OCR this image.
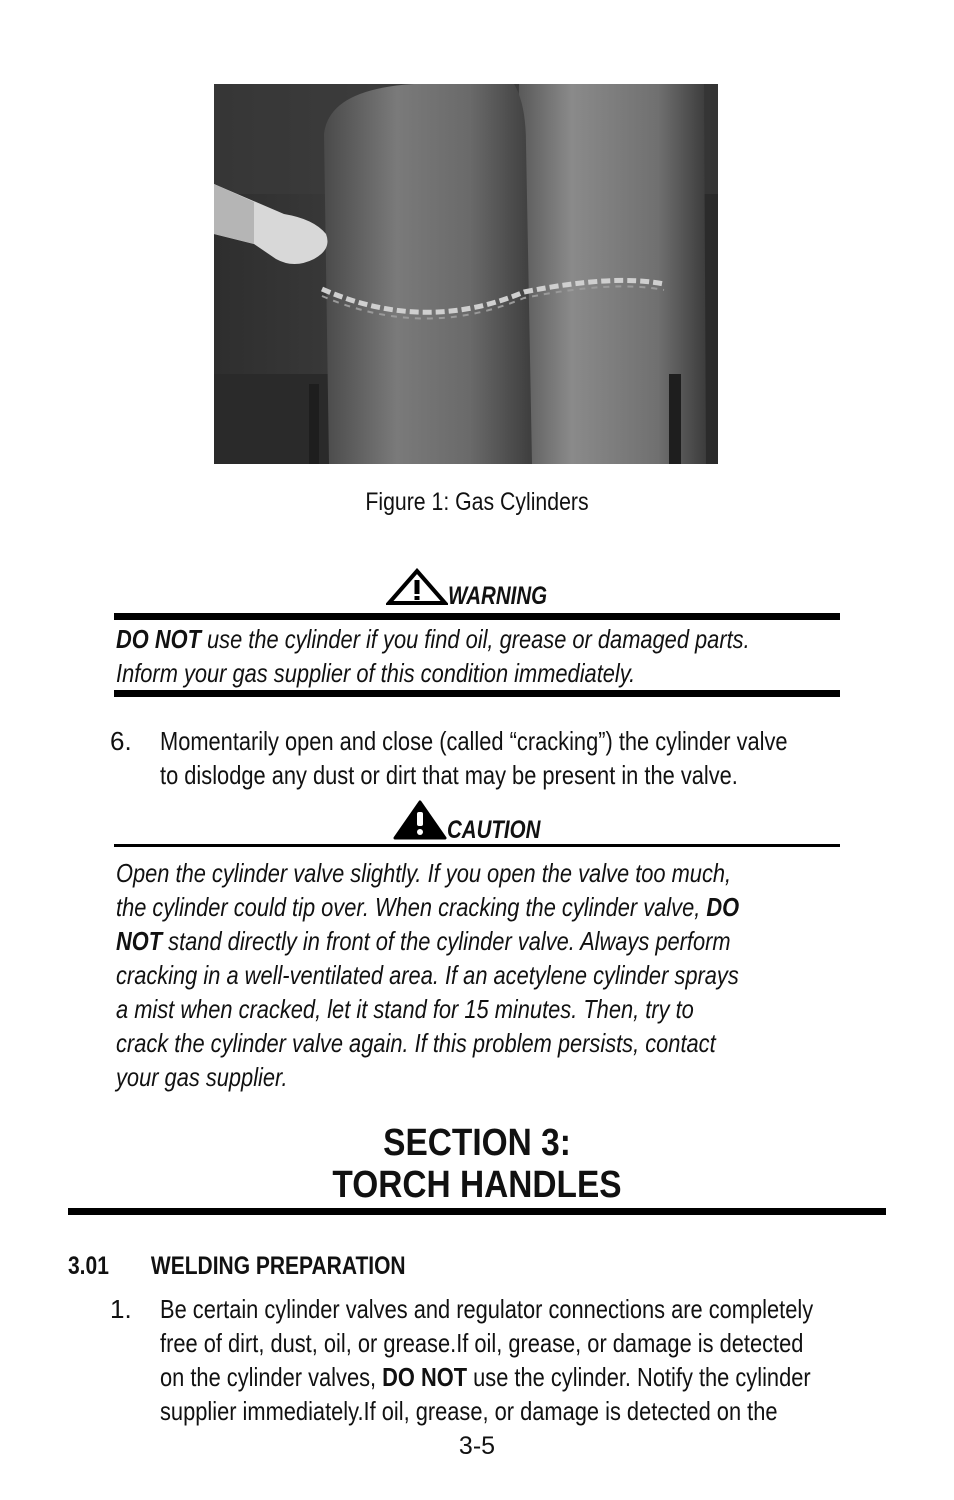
Figure 1: Gas Cylinders
WARNING
DO NOT use the cylinder if you find oil, grease or damaged parts.
Inform your gas supplier of this condition immediately.
6. Momentarily open and close (called “cracking”) the cylinder valve
to dislodge any dust or dirt that may be present in the valve.
CAUTION
Open the cylinder valve slightly. If you open the valve too much,
the cylinder could tip over. When cracking the cylinder valve, DO
NOT stand directly in front of the cylinder valve. Always perform
cracking in a well-ventilated area. If an acetylene cylinder sprays
a mist when cracked, let it stand for 15 minutes. Then, try to
crack the cylinder valve again. If this problem persists, contact
your gas supplier.
SECTION 3:
TORCH HANDLES
3.01 WELDING PREPARATION
1. Be certain cylinder valves and regulator connections are completely
free of dirt, dust, oil, or grease.If oil, grease, or damage is detected
on the cylinder valves, DO NOT use the cylinder. Notify the cylinder
supplier immediately.If oil, grease, or damage is detected on the
3-5
